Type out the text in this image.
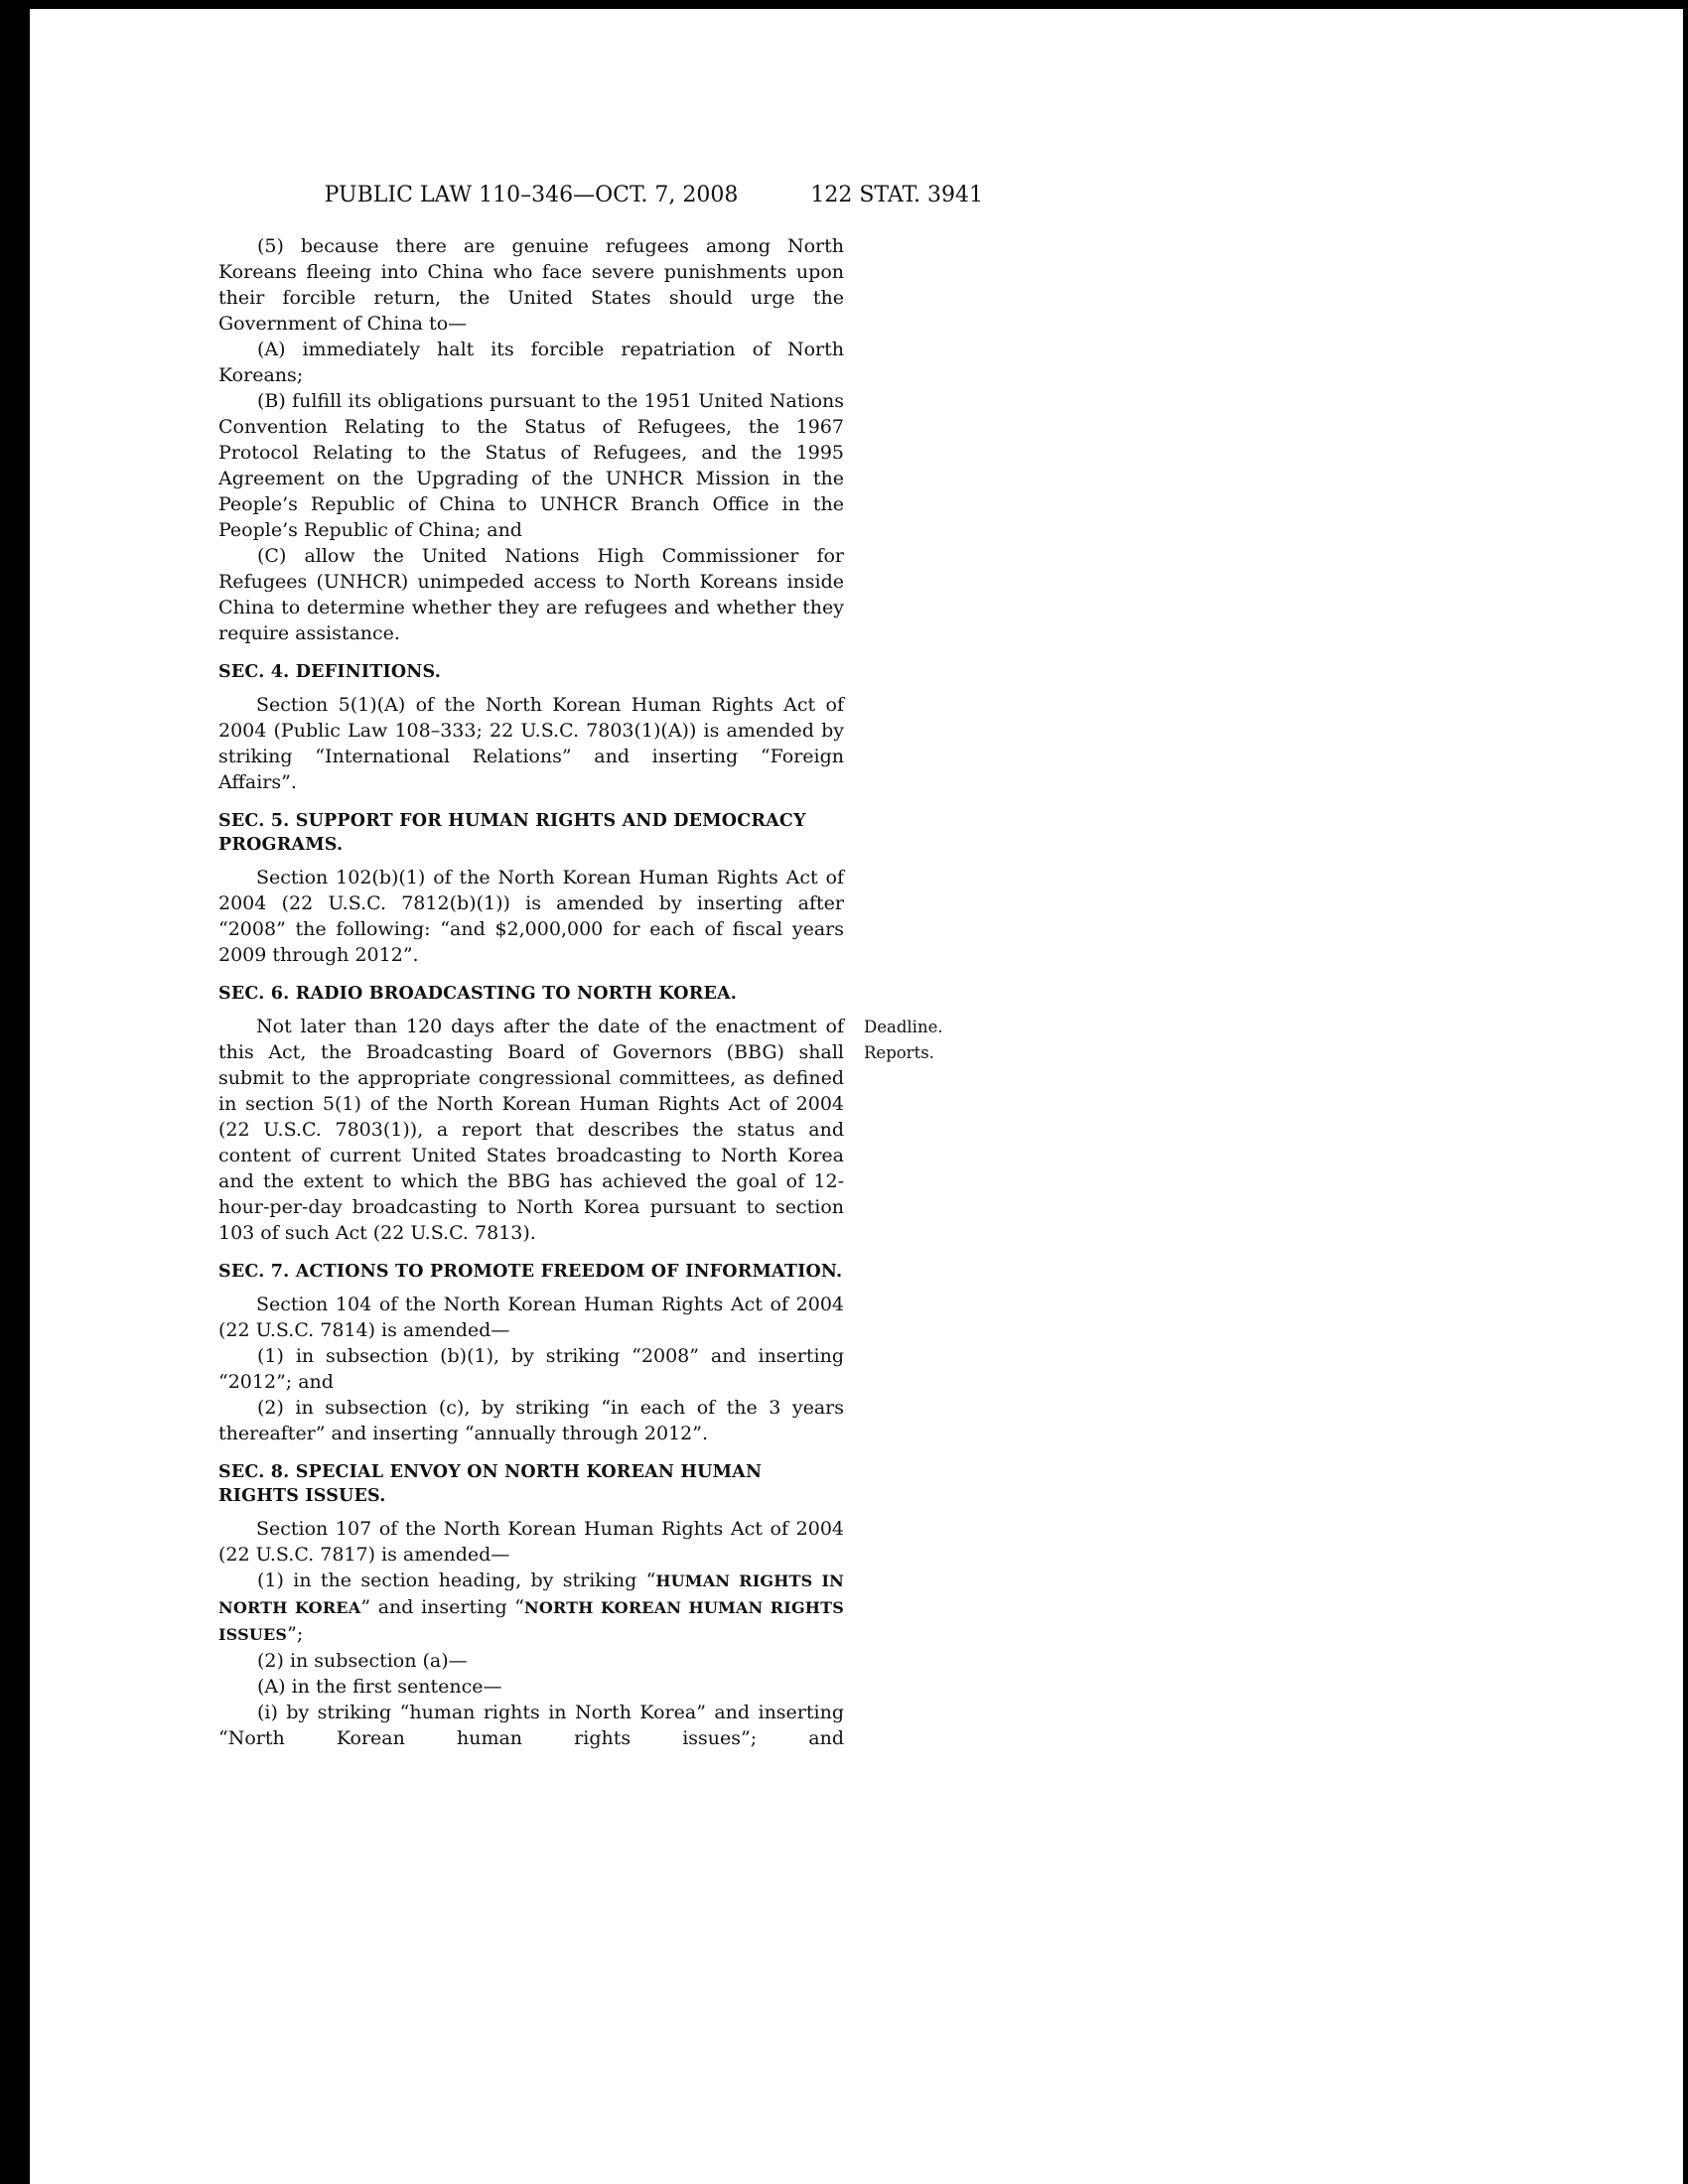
PUBLIC LAW 110–346—OCT. 7, 2008	122 STAT. 3941

(5) because there are genuine refugees among North Koreans fleeing into China who face severe punishments upon their forcible return, the United States should urge the Government of China to—

(A) immediately halt its forcible repatriation of North Koreans;

(B) fulfill its obligations pursuant to the 1951 United Nations Convention Relating to the Status of Refugees, the 1967 Protocol Relating to the Status of Refugees, and the 1995 Agreement on the Upgrading of the UNHCR Mission in the People’s Republic of China to UNHCR Branch Office in the People’s Republic of China; and

(C) allow the United Nations High Commissioner for Refugees (UNHCR) unimpeded access to North Koreans inside China to determine whether they are refugees and whether they require assistance.

SEC. 4. DEFINITIONS.

Section 5(1)(A) of the North Korean Human Rights Act of 2004 (Public Law 108–333; 22 U.S.C. 7803(1)(A)) is amended by striking “International Relations” and inserting “Foreign Affairs”.

SEC. 5. SUPPORT FOR HUMAN RIGHTS AND DEMOCRACY PROGRAMS.

Section 102(b)(1) of the North Korean Human Rights Act of 2004 (22 U.S.C. 7812(b)(1)) is amended by inserting after “2008” the following: “and $2,000,000 for each of fiscal years 2009 through 2012”.

SEC. 6. RADIO BROADCASTING TO NORTH KOREA.

Not later than 120 days after the date of the enactment of this Act, the Broadcasting Board of Governors (BBG) shall submit to the appropriate congressional committees, as defined in section 5(1) of the North Korean Human Rights Act of 2004 (22 U.S.C. 7803(1)), a report that describes the status and content of current United States broadcasting to North Korea and the extent to which the BBG has achieved the goal of 12-hour-per-day broadcasting to North Korea pursuant to section 103 of such Act (22 U.S.C. 7813).
Deadline.
Reports.

SEC. 7. ACTIONS TO PROMOTE FREEDOM OF INFORMATION.

Section 104 of the North Korean Human Rights Act of 2004 (22 U.S.C. 7814) is amended—

(1) in subsection (b)(1), by striking “2008” and inserting “2012”; and

(2) in subsection (c), by striking “in each of the 3 years thereafter” and inserting “annually through 2012”.

SEC. 8. SPECIAL ENVOY ON NORTH KOREAN HUMAN RIGHTS ISSUES.

Section 107 of the North Korean Human Rights Act of 2004 (22 U.S.C. 7817) is amended—

(1) in the section heading, by striking “HUMAN RIGHTS IN NORTH KOREA” and inserting “NORTH KOREAN HUMAN RIGHTS ISSUES”;

(2) in subsection (a)—

(A) in the first sentence—

(i) by striking “human rights in North Korea” and inserting “North Korean human rights issues”; and
